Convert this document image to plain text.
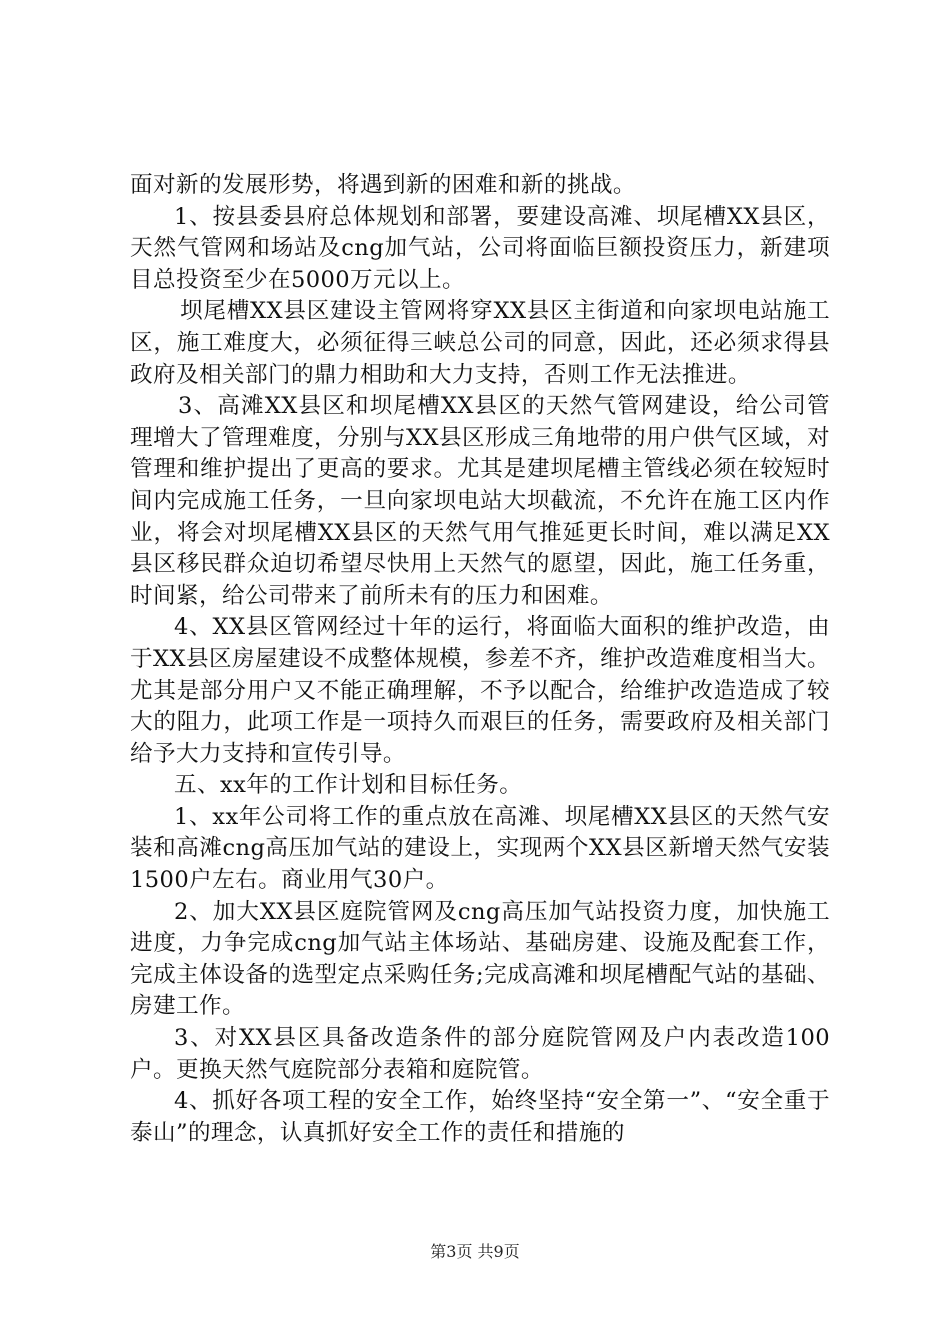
面对新的发展形势，将遇到新的困难和新的挑战。

1、按县委县府总体规划和部署，要建设高滩、坝尾槽XX县区，天然气管网和场站及cng加气站，公司将面临巨额投资压力，新建项目总投资至少在5000万元以上。

坝尾槽XX县区建设主管网将穿XX县区主街道和向家坝电站施工区，施工难度大，必须征得三峡总公司的同意，因此，还必须求得县政府及相关部门的鼎力相助和大力支持，否则工作无法推进。

3、高滩XX县区和坝尾槽XX县区的天然气管网建设，给公司管理增大了管理难度，分别与XX县区形成三角地带的用户供气区域，对管理和维护提出了更高的要求。尤其是建坝尾槽主管线必须在较短时间内完成施工任务，一旦向家坝电站大坝截流，不允许在施工区内作业，将会对坝尾槽XX县区的天然气用气推延更长时间，难以满足XX县区移民群众迫切希望尽快用上天然气的愿望，因此，施工任务重，时间紧，给公司带来了前所未有的压力和困难。

4、XX县区管网经过十年的运行，将面临大面积的维护改造，由于XX县区房屋建设不成整体规模，参差不齐，维护改造难度相当大。尤其是部分用户又不能正确理解，不予以配合，给维护改造造成了较大的阻力，此项工作是一项持久而艰巨的任务，需要政府及相关部门给予大力支持和宣传引导。

五、xx年的工作计划和目标任务。

1、xx年公司将工作的重点放在高滩、坝尾槽XX县区的天然气安装和高滩cng高压加气站的建设上，实现两个XX县区新增天然气安装1500户左右。商业用气30户。

2、加大XX县区庭院管网及cng高压加气站投资力度，加快施工进度，力争完成cng加气站主体场站、基础房建、设施及配套工作，完成主体设备的选型定点采购任务;完成高滩和坝尾槽配气站的基础、房建工作。

3、对XX县区具备改造条件的部分庭院管网及户内表改造100户。更换天然气庭院部分表箱和庭院管。

4、抓好各项工程的安全工作，始终坚持“安全第一”、“安全重于泰山”的理念，认真抓好安全工作的责任和措施的

第3页 共9页
